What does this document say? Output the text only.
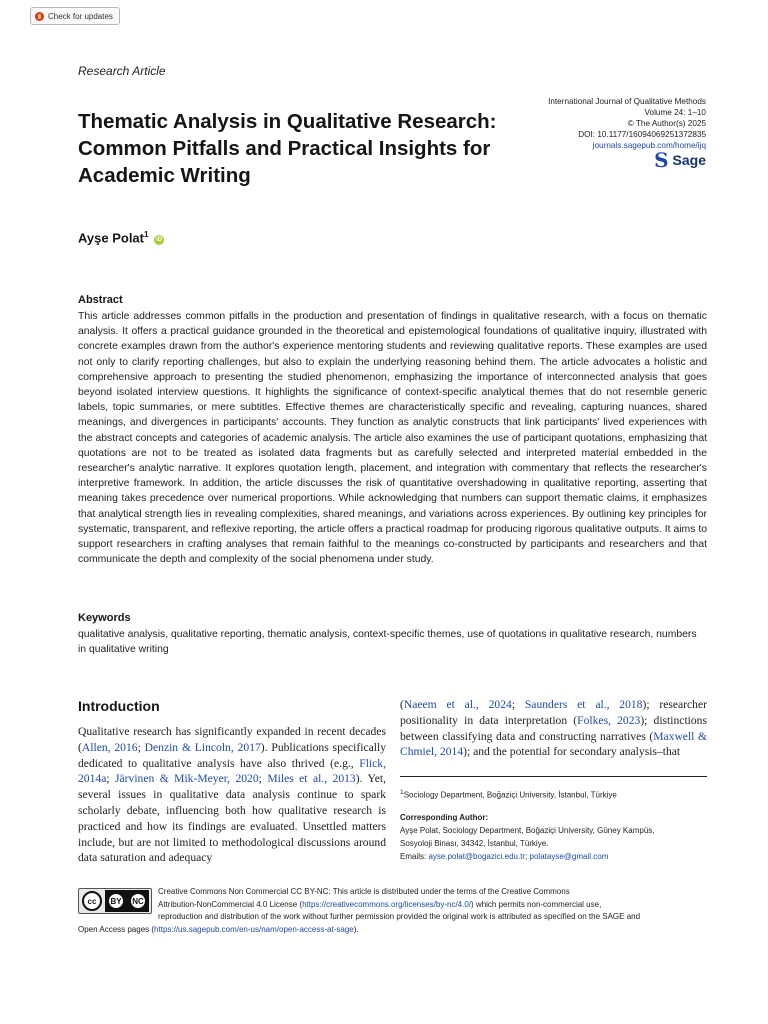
Check for updates
Research Article
Thematic Analysis in Qualitative Research: Common Pitfalls and Practical Insights for Academic Writing
International Journal of Qualitative Methods
Volume 24: 1–10
© The Author(s) 2025
DOI: 10.1177/16094069251372835
journals.sagepub.com/home/ijq
S Sage
Ayşe Polat$^1$ iD
Abstract
This article addresses common pitfalls in the production and presentation of findings in qualitative research, with a focus on thematic analysis. It offers a practical guidance grounded in the theoretical and epistemological foundations of qualitative inquiry, illustrated with concrete examples drawn from the author's experience mentoring students and reviewing qualitative reports. These examples are used not only to clarify reporting challenges, but also to explain the underlying reasoning behind them. The article advocates a holistic and comprehensive approach to presenting the studied phenomenon, emphasizing the importance of interconnected analysis that goes beyond isolated interview questions. It highlights the significance of context-specific analytical themes that do not resemble generic labels, topic summaries, or mere subtitles. Effective themes are characteristically specific and revealing, capturing nuances, shared meanings, and divergences in participants' accounts. They function as analytic constructs that link participants' lived experiences with the abstract concepts and categories of academic analysis. The article also examines the use of participant quotations, emphasizing that quotations are not to be treated as isolated data fragments but as carefully selected and interpreted material embedded in the researcher's analytic narrative. It explores quotation length, placement, and integration with commentary that reflects the researcher's interpretive framework. In addition, the article discusses the risk of quantitative overshadowing in qualitative reporting, asserting that meaning takes precedence over numerical proportions. While acknowledging that numbers can support thematic claims, it emphasizes that analytical strength lies in revealing complexities, shared meanings, and variations across experiences. By outlining key principles for systematic, transparent, and reflexive reporting, the article offers a practical roadmap for producing rigorous qualitative outputs. It aims to support researchers in crafting analyses that remain faithful to the meanings co-constructed by participants and researchers and that communicate the depth and complexity of the social phenomena under study.
Keywords
qualitative analysis, qualitative reporting, thematic analysis, context-specific themes, use of quotations in qualitative research, numbers in qualitative writing
Introduction
Qualitative research has significantly expanded in recent decades (Allen, 2016; Denzin & Lincoln, 2017). Publications specifically dedicated to qualitative analysis have also thrived (e.g., Flick, 2014a; Järvinen & Mik-Meyer, 2020; Miles et al., 2013). Yet, several issues in qualitative data analysis continue to spark scholarly debate, influencing both how qualitative research is practiced and how its findings are evaluated. Unsettled matters include, but are not limited to methodological discussions around data saturation and adequacy
(Naeem et al., 2024; Saunders et al., 2018); researcher positionality in data interpretation (Folkes, 2023); distinctions between classifying data and constructing narratives (Maxwell & Chmiel, 2014); and the potential for secondary analysis–that
$^1$Sociology Department, Boğaziçi University, İstanbul, Türkiye
Corresponding Author:
Ayşe Polat, Sociology Department, Boğaziçi University, Güney Kampüs,
Sosyoloji Binası, 34342, İstanbul, Türkiye.
Emails: ayse.polat@bogazici.edu.tr; polatayse@gmail.com
cc	BY NC
Creative Commons Non Commercial CC BY-NC: This article is distributed under the terms of the Creative Commons
Attribution-NonCommercial 4.0 License (https://creativecommons.org/licenses/by-nc/4.0/) which permits non-commercial use,
reproduction and distribution of the work without further permission provided the original work is attributed as specified on the SAGE and
Open Access pages (https://us.sagepub.com/en-us/nam/open-access-at-sage).
